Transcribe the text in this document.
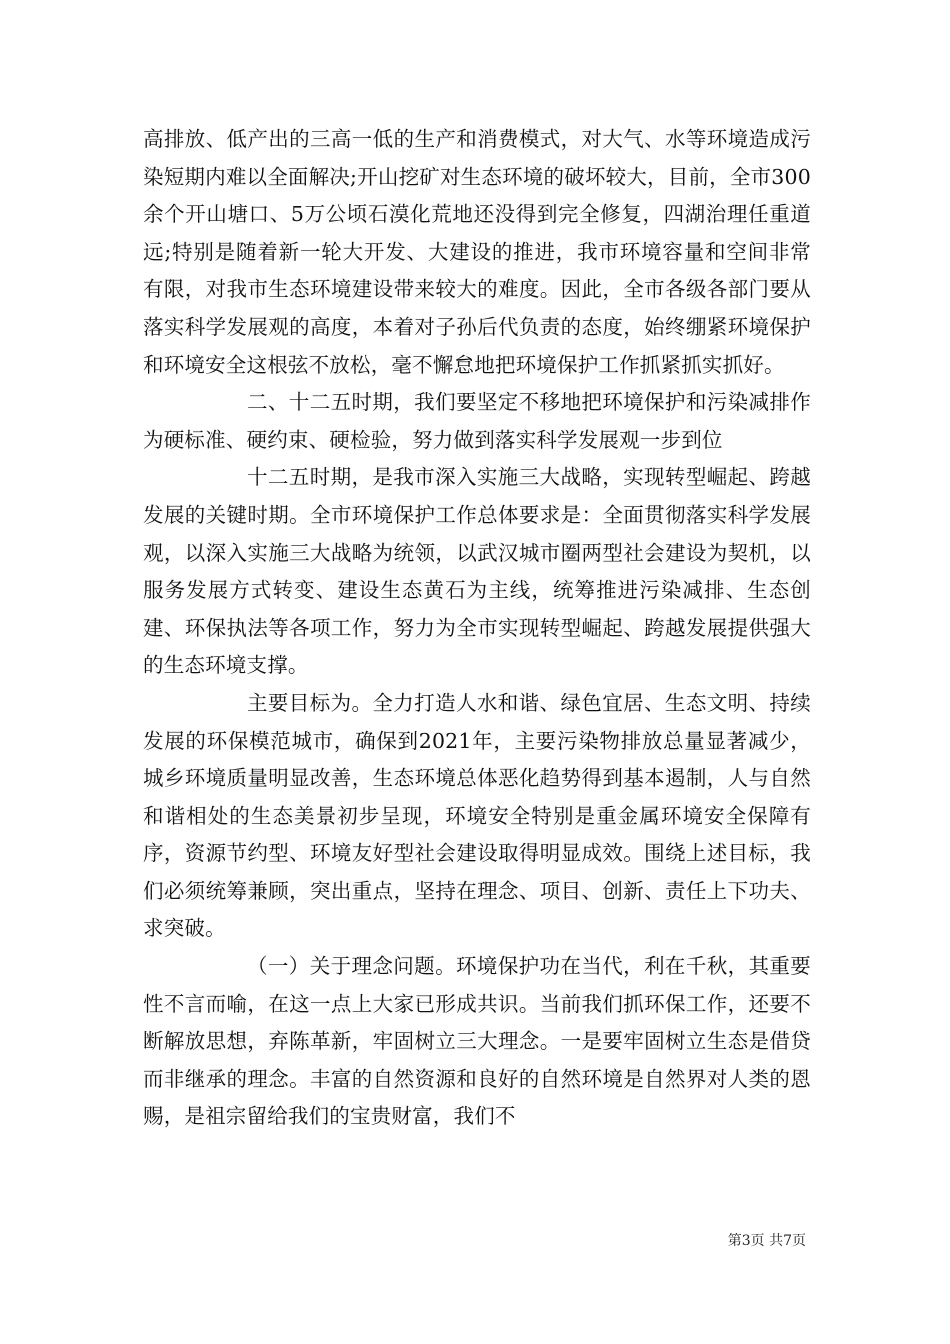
高排放、低产出的三高一低的生产和消费模式，对大气、水等环境造成污染短期内难以全面解决;开山挖矿对生态环境的破坏较大，目前，全市300余个开山塘口、5万公顷石漠化荒地还没得到完全修复，四湖治理任重道远;特别是随着新一轮大开发、大建设的推进，我市环境容量和空间非常有限，对我市生态环境建设带来较大的难度。因此，全市各级各部门要从落实科学发展观的高度，本着对子孙后代负责的态度，始终绷紧环境保护和环境安全这根弦不放松，毫不懈怠地把环境保护工作抓紧抓实抓好。

二、十二五时期，我们要坚定不移地把环境保护和污染减排作为硬标准、硬约束、硬检验，努力做到落实科学发展观一步到位

十二五时期，是我市深入实施三大战略，实现转型崛起、跨越发展的关键时期。全市环境保护工作总体要求是：全面贯彻落实科学发展观，以深入实施三大战略为统领，以武汉城市圈两型社会建设为契机，以服务发展方式转变、建设生态黄石为主线，统筹推进污染减排、生态创建、环保执法等各项工作，努力为全市实现转型崛起、跨越发展提供强大的生态环境支撑。

主要目标为。全力打造人水和谐、绿色宜居、生态文明、持续发展的环保模范城市，确保到2021年，主要污染物排放总量显著减少，城乡环境质量明显改善，生态环境总体恶化趋势得到基本遏制，人与自然和谐相处的生态美景初步呈现，环境安全特别是重金属环境安全保障有序，资源节约型、环境友好型社会建设取得明显成效。围绕上述目标，我们必须统筹兼顾，突出重点，坚持在理念、项目、创新、责任上下功夫、求突破。

（一）关于理念问题。环境保护功在当代，利在千秋，其重要性不言而喻，在这一点上大家已形成共识。当前我们抓环保工作，还要不断解放思想，弃陈革新，牢固树立三大理念。一是要牢固树立生态是借贷而非继承的理念。丰富的自然资源和良好的自然环境是自然界对人类的恩赐，是祖宗留给我们的宝贵财富，我们不

第3页 共7页
